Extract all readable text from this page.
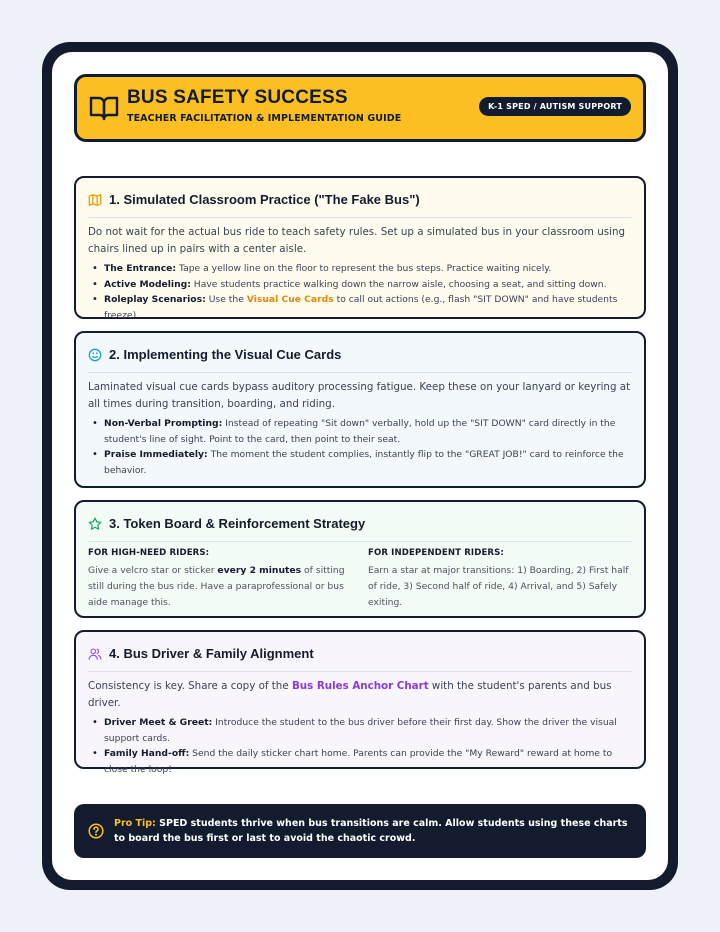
BUS SAFETY SUCCESS
TEACHER FACILITATION & IMPLEMENTATION GUIDE
K-1 SPED / AUTISM SUPPORT
1. Simulated Classroom Practice ("The Fake Bus")
Do not wait for the actual bus ride to teach safety rules. Set up a simulated bus in your classroom using chairs lined up in pairs with a center aisle.
• The Entrance: Tape a yellow line on the floor to represent the bus steps. Practice waiting nicely.
• Active Modeling: Have students practice walking down the narrow aisle, choosing a seat, and sitting down.
• Roleplay Scenarios: Use the Visual Cue Cards to call out actions (e.g., flash "SIT DOWN" and have students freeze).
2. Implementing the Visual Cue Cards
Laminated visual cue cards bypass auditory processing fatigue. Keep these on your lanyard or keyring at all times during transition, boarding, and riding.
• Non-Verbal Prompting: Instead of repeating "Sit down" verbally, hold up the "SIT DOWN" card directly in the student's line of sight. Point to the card, then point to their seat.
• Praise Immediately: The moment the student complies, instantly flip to the "GREAT JOB!" card to reinforce the behavior.
3. Token Board & Reinforcement Strategy
FOR HIGH-NEED RIDERS:
Give a velcro star or sticker every 2 minutes of sitting still during the bus ride. Have a paraprofessional or bus aide manage this.
FOR INDEPENDENT RIDERS:
Earn a star at major transitions: 1) Boarding, 2) First half of ride, 3) Second half of ride, 4) Arrival, and 5) Safely exiting.
4. Bus Driver & Family Alignment
Consistency is key. Share a copy of the Bus Rules Anchor Chart with the student's parents and bus driver.
• Driver Meet & Greet: Introduce the student to the bus driver before their first day. Show the driver the visual support cards.
• Family Hand-off: Send the daily sticker chart home. Parents can provide the "My Reward" reward at home to close the loop!
Pro Tip: SPED students thrive when bus transitions are calm. Allow students using these charts to board the bus first or last to avoid the chaotic crowd.
